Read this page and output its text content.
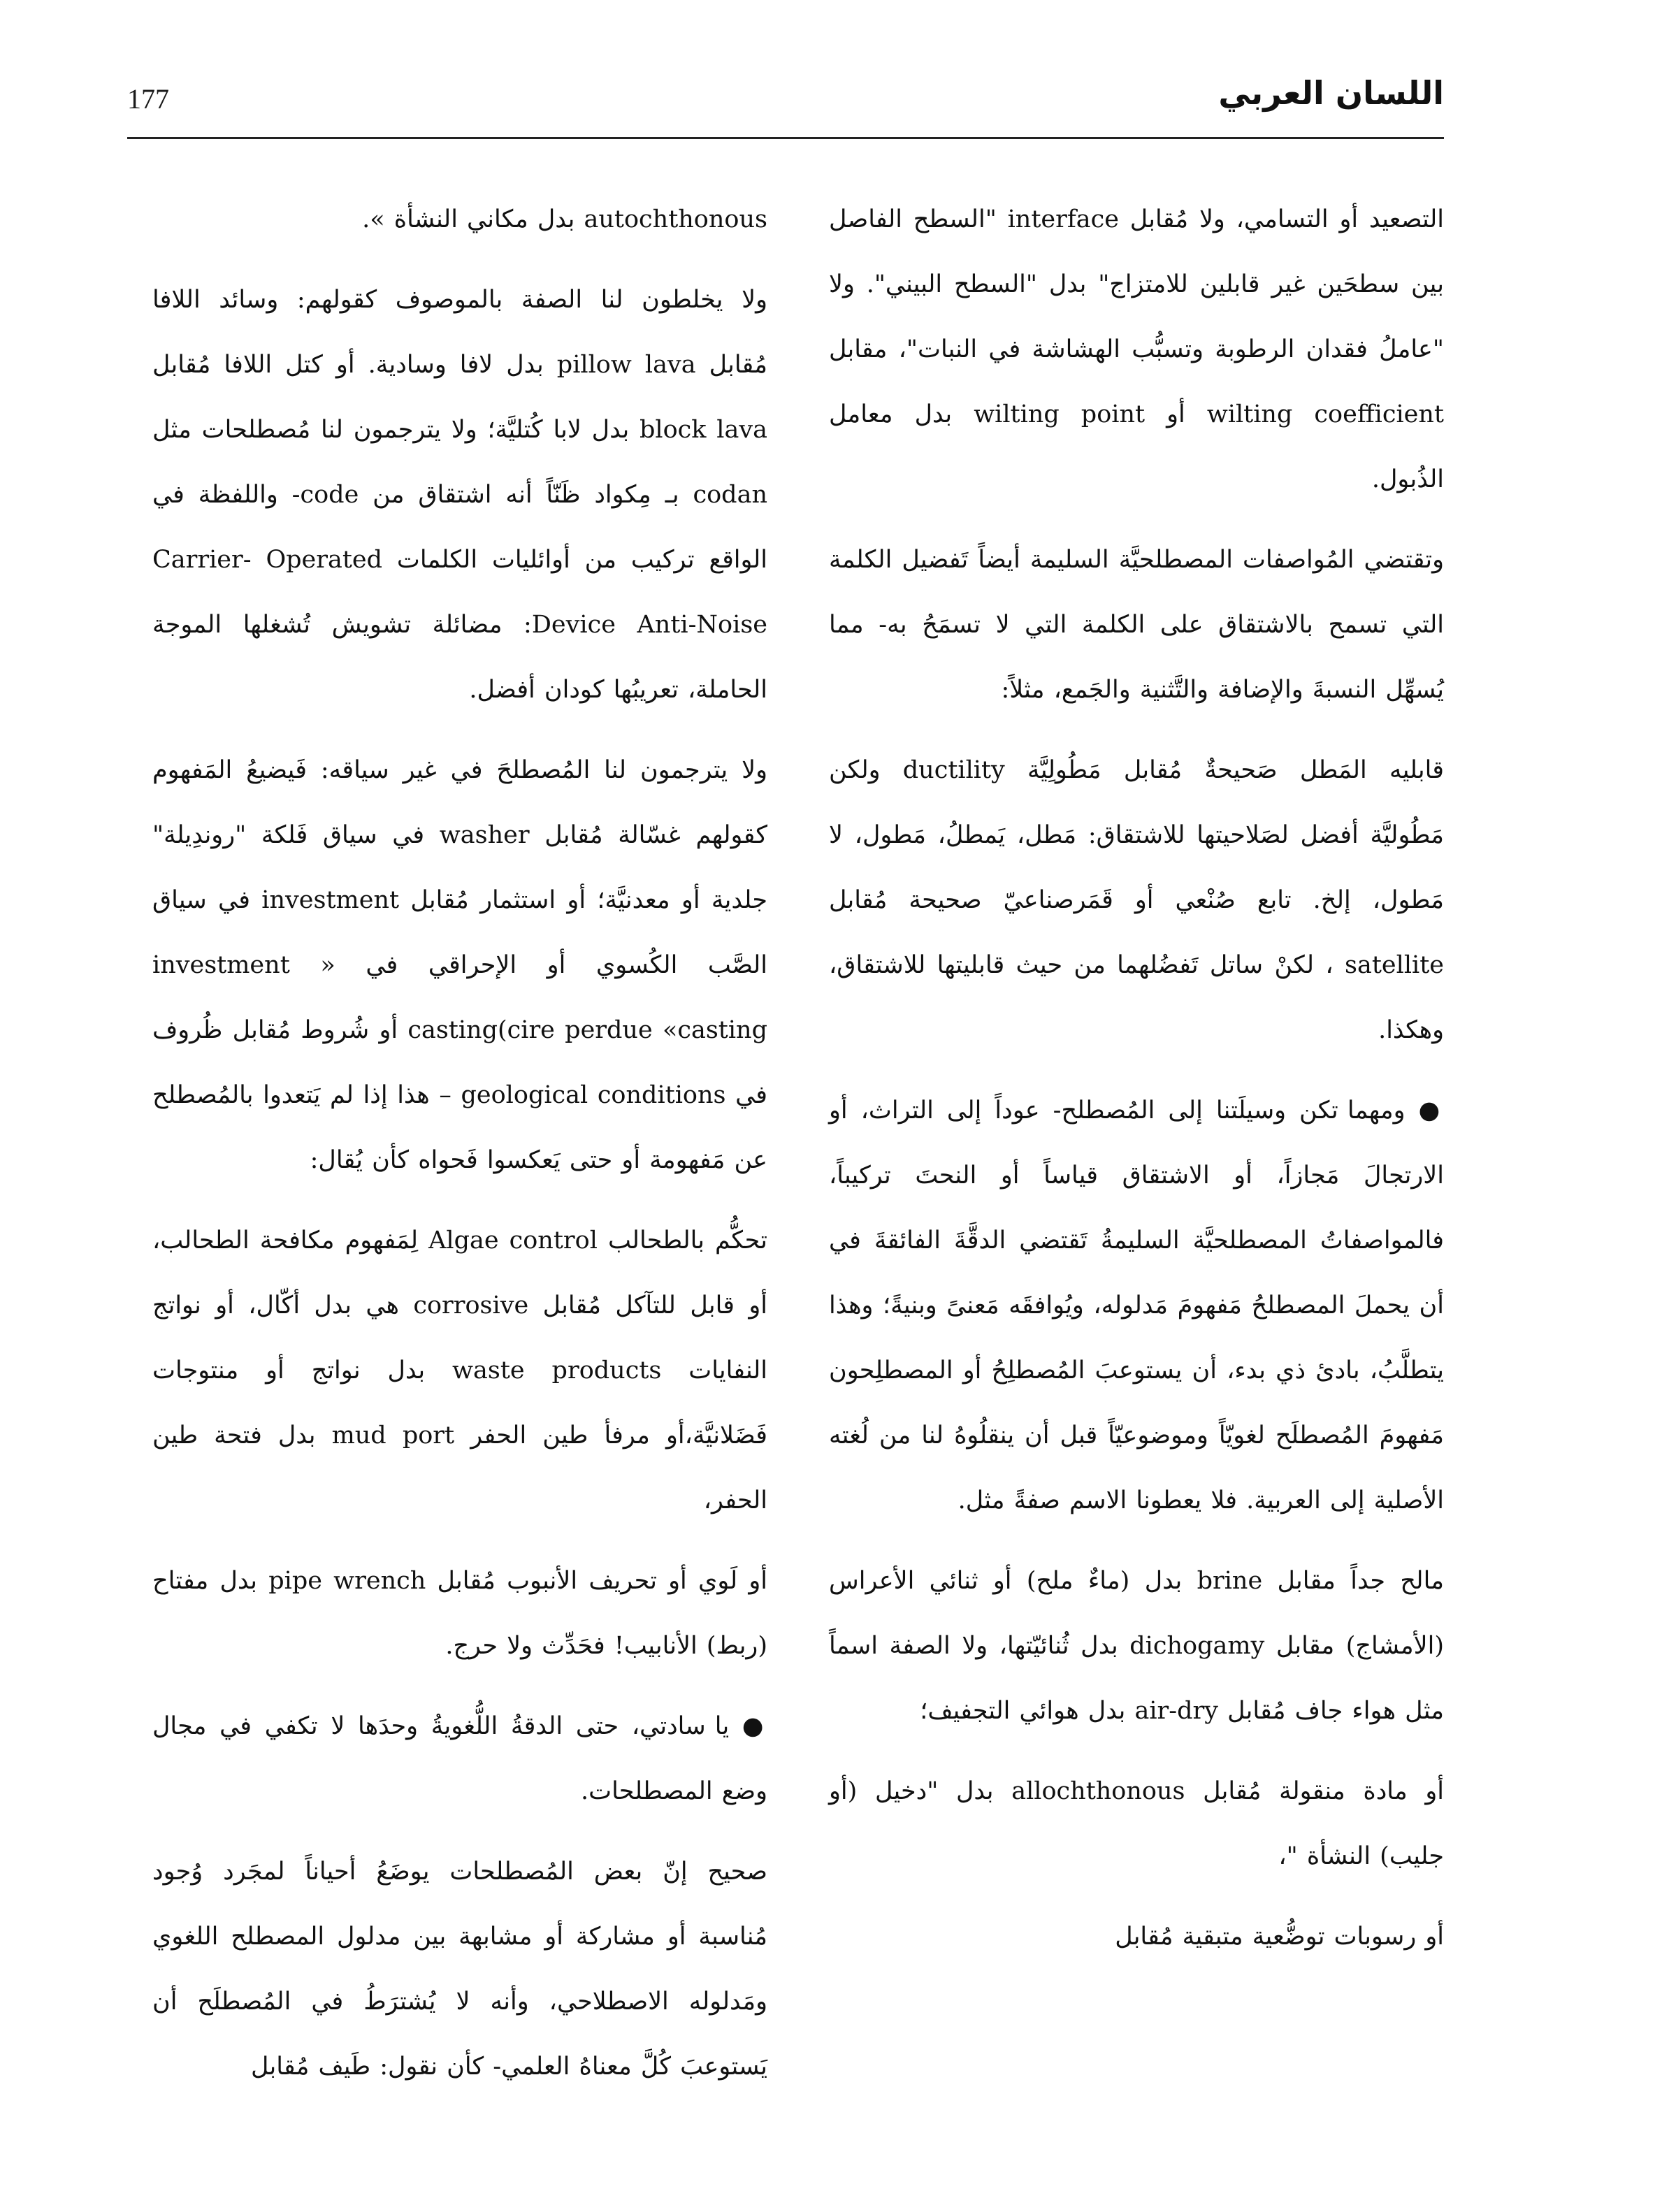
177	اللسان العربي

التصعيد أو التسامي، ولا مُقابل interface "السطح الفاصل بين سطحَين غير قابلين للامتزاج" بدل "السطح البيني". ولا "عاملُ فقدان الرطوبة وتسبُّب الهشاشة في النبات"، مقابل wilting coefficient أو wilting point بدل معامل الذُبول.

وتقتضي المُواصفات المصطلحيَّة السليمة أيضاً تَفضيل الكلمة التي تسمح بالاشتقاق على الكلمة التي لا تسمَحُ به- مما يُسهِّل النسبةَ والإضافة والتَّثنية والجَمع، مثلاً:

قابليه المَطل صَحيحةٌ مُقابل مَطُولِيَّة ductility ولكن مَطُوليَّة أفضل لصَلاحيتها للاشتقاق: مَطل، يَمطلُ، مَطول، لا مَطول، إلخ. تابع صُنْعي أو قَمَرصناعيّ صحيحة مُقابل satellite ، لكنْ ساتل تَفضُلهما من حيث قابليتها للاشتقاق، وهكذا.

● ومهما تكن وسيلَتنا إلى المُصطلح- عوداً إلى التراث، أو الارتجالَ مَجازاً، أو الاشتقاق قياساً أو النحتَ تركيباً، فالمواصفاتُ المصطلحيَّة السليمةُ تَقتضي الدقَّةَ الفائقةَ في أن يحملَ المصطلحُ مَفهومَ مَدلوله، ويُوافقَه مَعنىً وبنيةً؛ وهذا يتطلَّبُ، بادئ ذي بدء، أن يستوعبَ المُصطلِحُ أو المصطلِحون مَفهومَ المُصطلَح لغويّاً وموضوعيّاً قبل أن ينقلُوهُ لنا من لُغته الأصلية إلى العربية. فلا يعطونا الاسم صفةً مثل.

مالح جداً مقابل brine بدل (ماءٌ ملح) أو ثنائي الأعراس (الأمشاج) مقابل dichogamy بدل ثُنائيّتها، ولا الصفة اسماً مثل هواء جاف مُقابل air-dry بدل هوائي التجفيف؛

أو مادة منقولة مُقابل allochthonous بدل "دخيل (أو جليب) النشأة "،

أو رسوبات توضُّعية متبقية مُقابل

autochthonous بدل مكاني النشأة ».

ولا يخلطون لنا الصفة بالموصوف كقولهم: وسائد اللافا مُقابل pillow lava بدل لافا وسادية. أو كتل اللافا مُقابل block lava بدل لابا كُتليَّة؛ ولا يترجمون لنا مُصطلحات مثل codan بـ مِكواد ظَنّاً أنه اشتقاق من code- واللفظة في الواقع تركيب من أوائليات الكلمات Carrier- Operated Device Anti-Noise: مضائلة تشويش تُشغلها الموجة الحاملة، تعريبُها كودان أفضل.

ولا يترجمون لنا المُصطلحَ في غير سياقه: فَيضيعُ المَفهوم كقولهم غسّالة مُقابل washer في سياق فَلكة "روندِيلة" جلدية أو معدنيَّة؛ أو استثمار مُقابل investment في سياق الصَّب الكُسوي أو الإحراقي في « investment casting(cire perdue «casting أو شُروط مُقابل ظُروف في geological conditions – هذا إذا لم يَتعدوا بالمُصطلح عن مَفهومة أو حتى يَعكسوا فَحواه كأن يُقال:

تحكُّم بالطحالب Algae control لِمَفهوم مكافحة الطحالب، أو قابل للتآكل مُقابل corrosive هي بدل أكّال، أو نواتج النفايات waste products بدل نواتج أو منتوجات فَضَلانيَّة،أو مرفأ طين الحفر mud port بدل فتحة طين الحفر،

أو لَوي أو تحريف الأنبوب مُقابل pipe wrench بدل مفتاح (ربط) الأنابيب! فحَدِّث ولا حرج.

● يا سادتي، حتى الدقةُ اللُّغويةُ وحدَها لا تكفي في مجال وضع المصطلحات.

صحيح إنّ بعض المُصطلحات يوضَعُ أحياناً لمجَرد وُجود مُناسبة أو مشاركة أو مشابهة بين مدلول المصطلح اللغوي ومَدلوله الاصطلاحي، وأنه لا يُشترَطُ في المُصطلَح أن يَستوعبَ كُلَّ معناهُ العلمي- كأن نقول: طَيف مُقابل
